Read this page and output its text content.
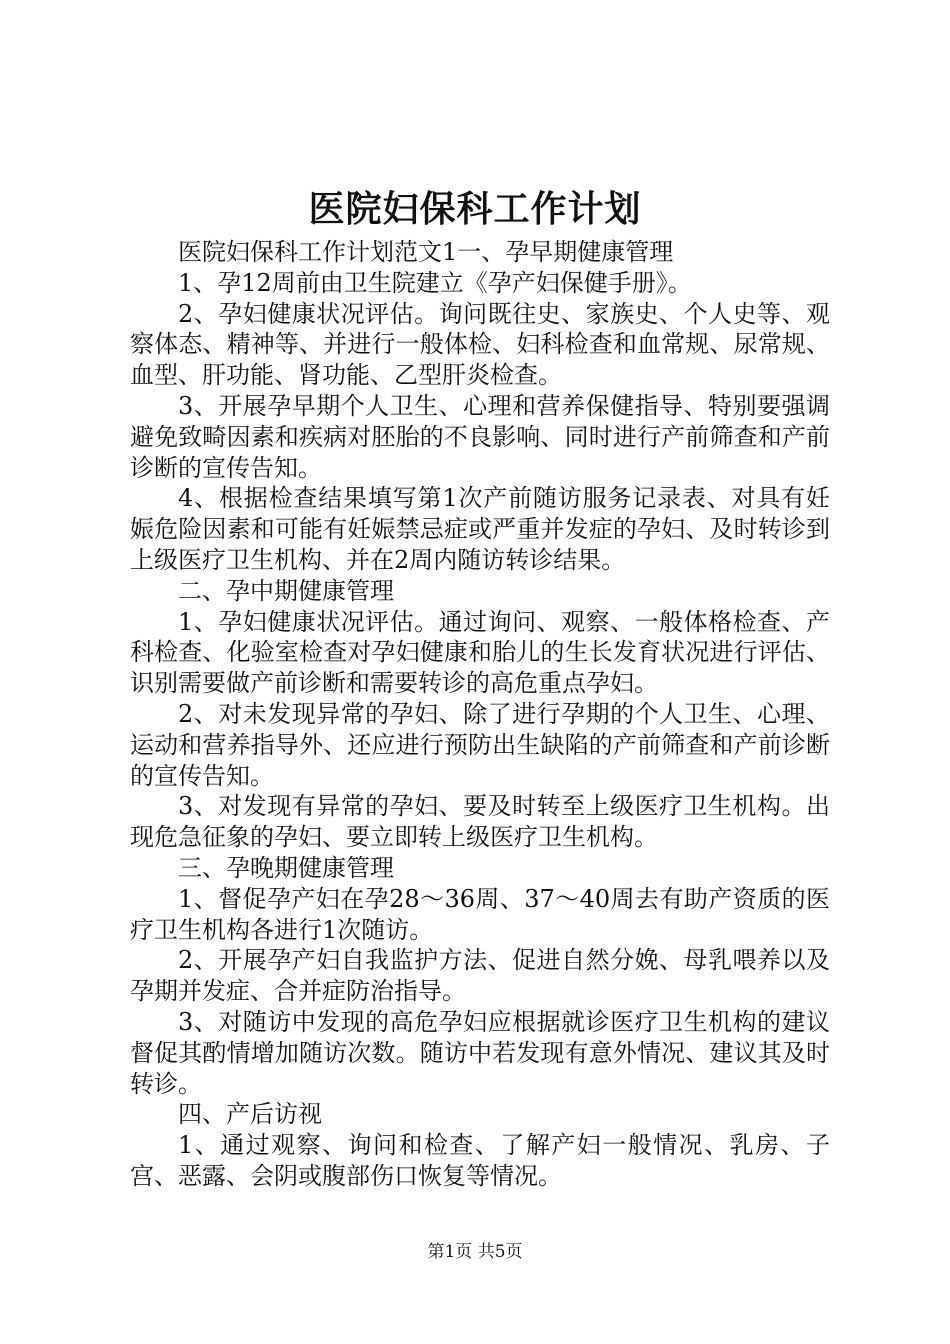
医院妇保科工作计划

医院妇保科工作计划范文1一、孕早期健康管理

1、孕12周前由卫生院建立《孕产妇保健手册》。

2、孕妇健康状况评估。询问既往史、家族史、个人史等、观察体态、精神等、并进行一般体检、妇科检查和血常规、尿常规、血型、肝功能、肾功能、乙型肝炎检查。

3、开展孕早期个人卫生、心理和营养保健指导、特别要强调避免致畸因素和疾病对胚胎的不良影响、同时进行产前筛查和产前诊断的宣传告知。

4、根据检查结果填写第1次产前随访服务记录表、对具有妊娠危险因素和可能有妊娠禁忌症或严重并发症的孕妇、及时转诊到上级医疗卫生机构、并在2周内随访转诊结果。

二、孕中期健康管理

1、孕妇健康状况评估。通过询问、观察、一般体格检查、产科检查、化验室检查对孕妇健康和胎儿的生长发育状况进行评估、识别需要做产前诊断和需要转诊的高危重点孕妇。

2、对未发现异常的孕妇、除了进行孕期的个人卫生、心理、运动和营养指导外、还应进行预防出生缺陷的产前筛查和产前诊断的宣传告知。

3、对发现有异常的孕妇、要及时转至上级医疗卫生机构。出现危急征象的孕妇、要立即转上级医疗卫生机构。

三、孕晚期健康管理

1、督促孕产妇在孕28～36周、37～40周去有助产资质的医疗卫生机构各进行1次随访。

2、开展孕产妇自我监护方法、促进自然分娩、母乳喂养以及孕期并发症、合并症防治指导。

3、对随访中发现的高危孕妇应根据就诊医疗卫生机构的建议督促其酌情增加随访次数。随访中若发现有意外情况、建议其及时转诊。

四、产后访视

1、通过观察、询问和检查、了解产妇一般情况、乳房、子宫、恶露、会阴或腹部伤口恢复等情况。

第1页 共5页
